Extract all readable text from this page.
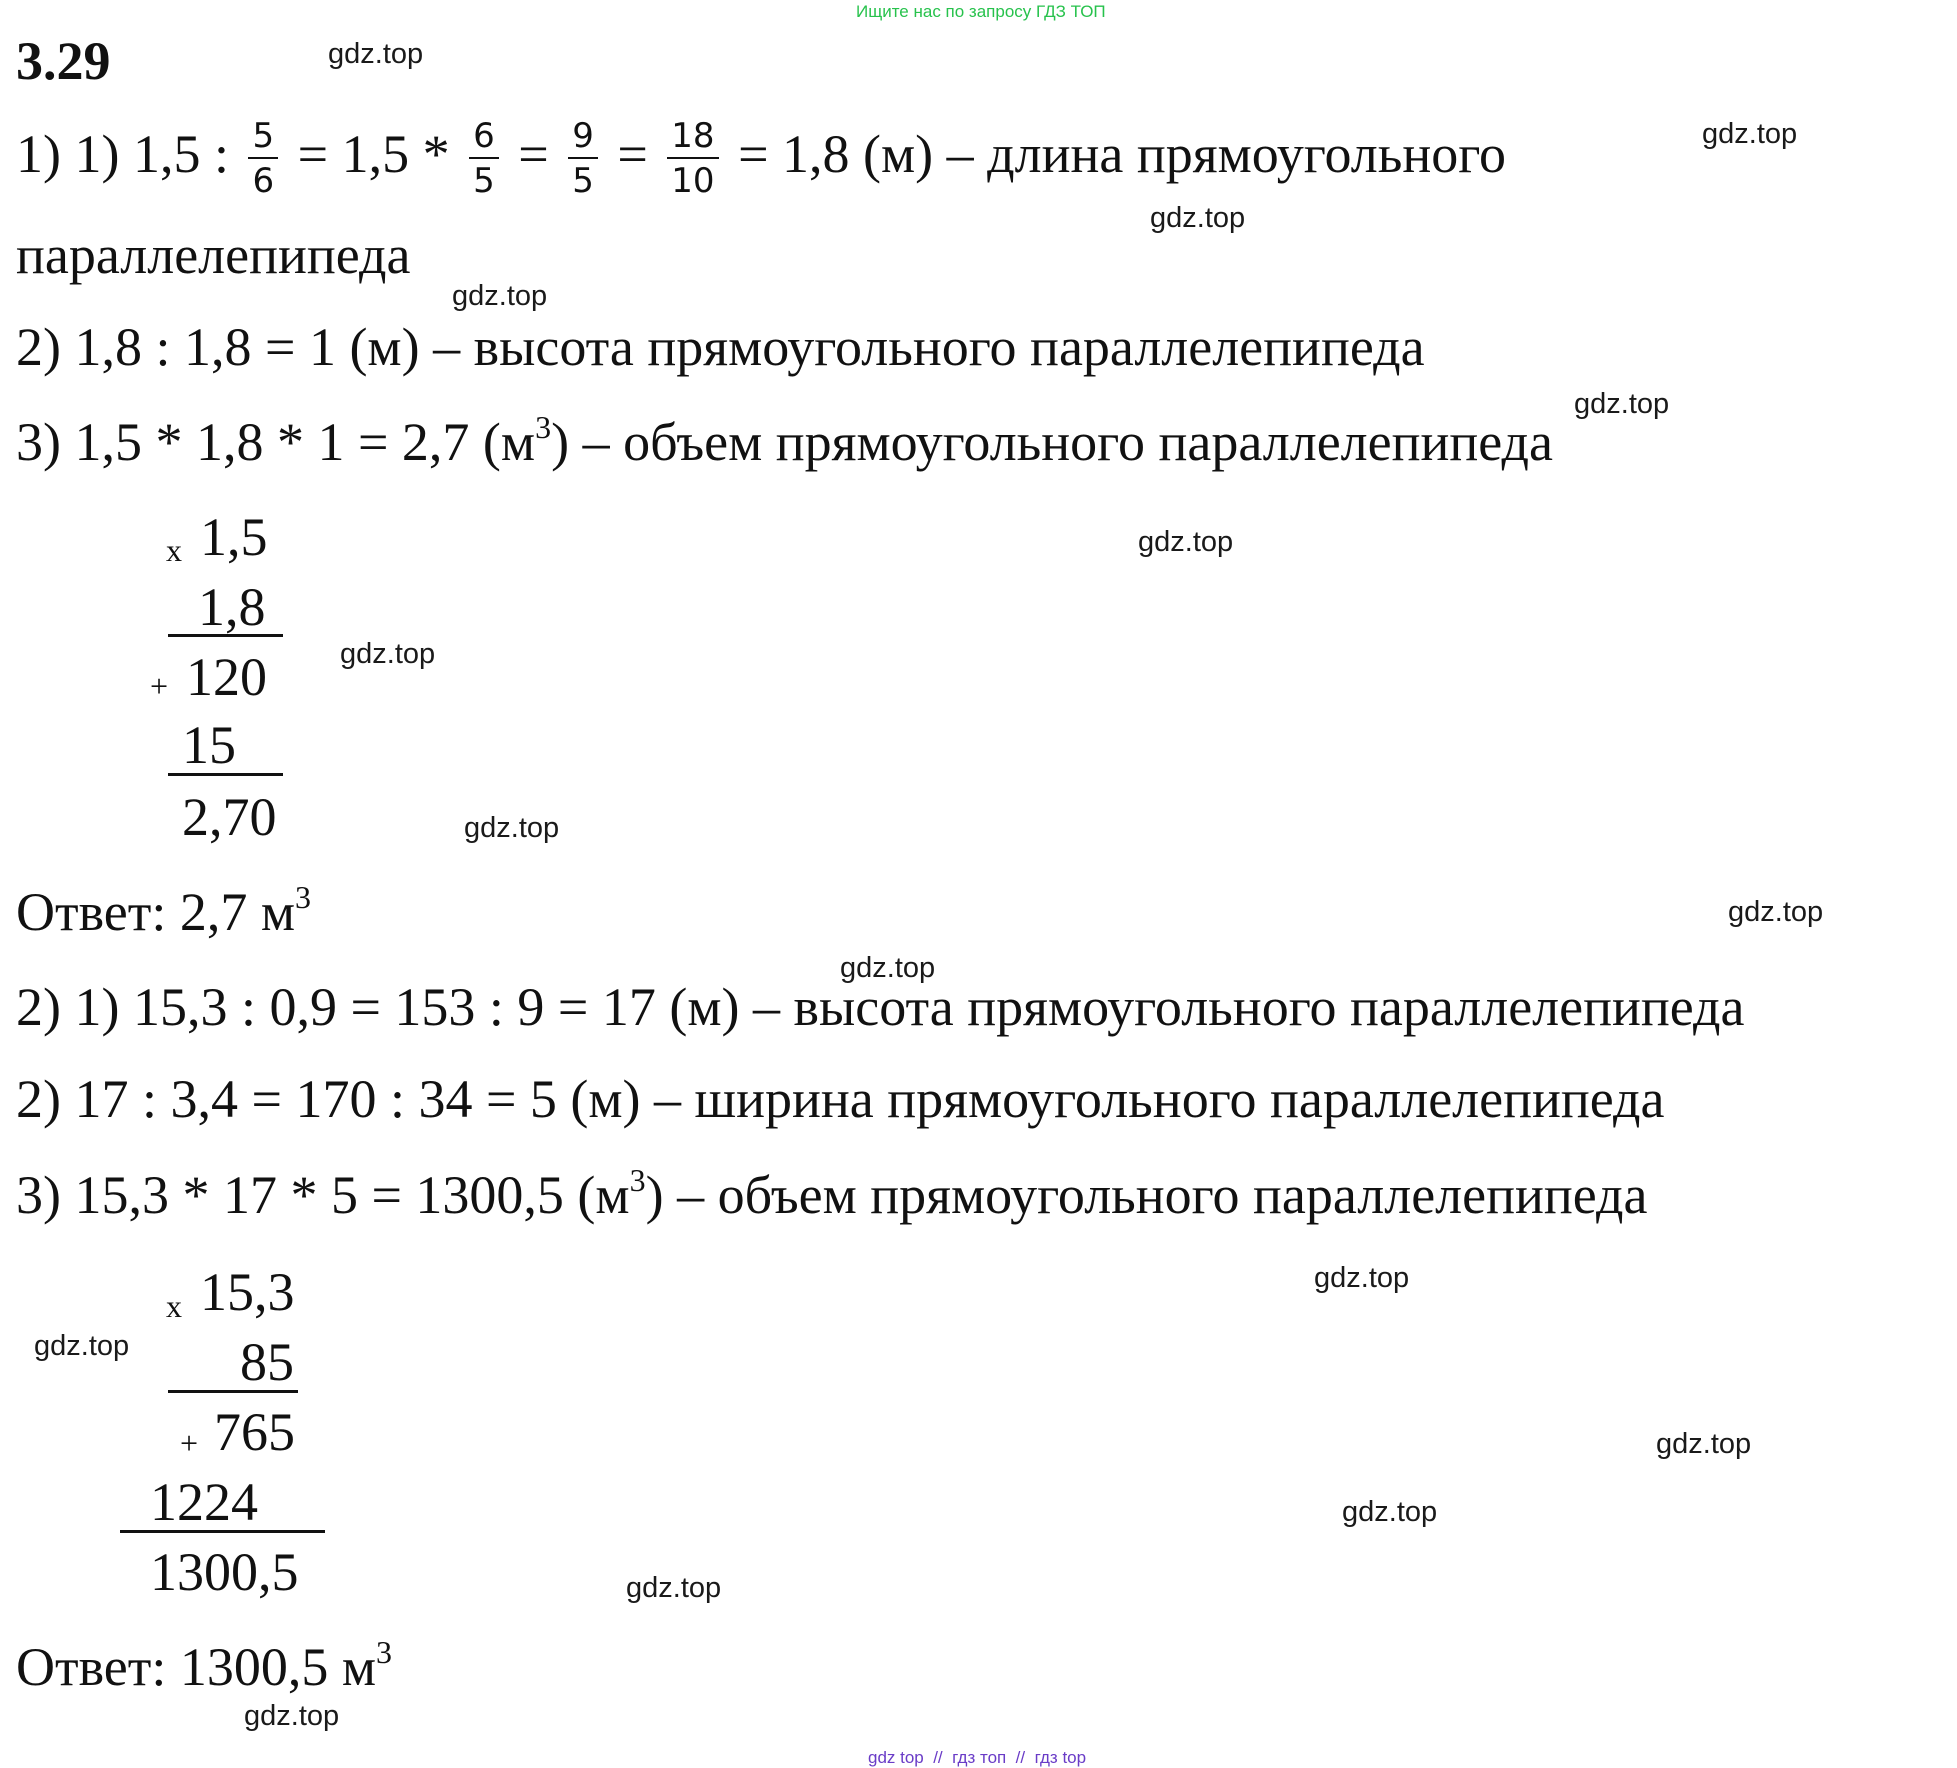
Ищите нас по запросу ГДЗ ТОП
3.29
1) 1) 1,5 : $\frac{5}{6} = 1,5 * \frac{6}{5} = \frac{9}{5} = \frac{18}{10} = 1,8$ (м) – длина прямоугольного
параллелепипеда
2) 1,8 : 1,8 = 1 (м) – высота прямоугольного параллелепипеда
3) 1,5 * 1,8 * 1 = 2,7 $(м^3)$ – объем прямоугольного параллелепипеда
x 1,5
1,8
+ 120
15
2,70
Ответ: 2,7 $м^3$
2) 1) 15,3 : 0,9 = 153 : 9 = 17 (м) – высота прямоугольного параллелепипеда
2) 17 : 3,4 = 170 : 34 = 5 (м) – ширина прямоугольного параллелепипеда
3) 15,3 * 17 * 5 = 1300,5 $(м^3)$ – объем прямоугольного параллелепипеда
x 15,3
85
+ 765
1224
1300,5
Ответ: 1300,5 $м^3$
gdz.top
gdz.top
gdz.top
gdz.top
gdz.top
gdz.top
gdz.top
gdz.top
gdz.top
gdz.top
gdz.top
gdz.top
gdz.top
gdz.top
gdz.top
gdz.top
gdz top  //  гдз топ  //  гдз top
